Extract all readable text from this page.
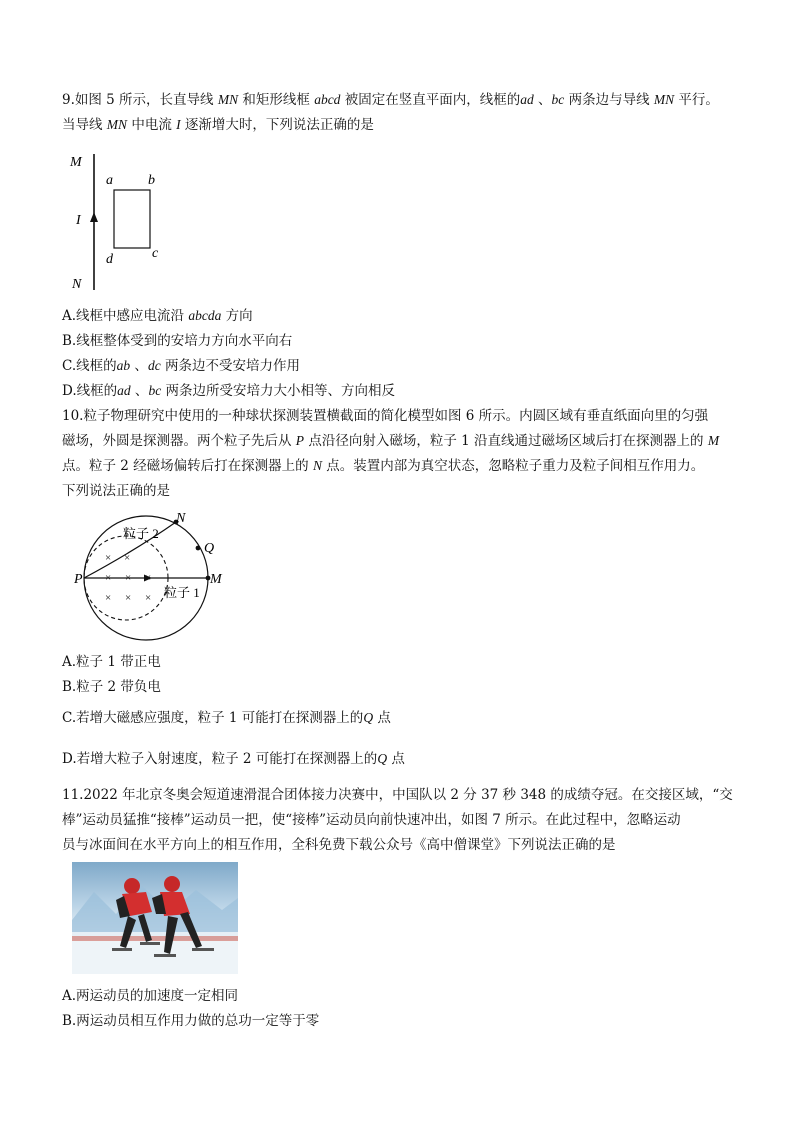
9.如图 5 所示，长直导线 MN 和矩形线框 abcd 被固定在竖直平面内，线框的ad 、bc 两条边与导线 MN 平行。
当导线 MN 中电流 I 逐渐增大时，下列说法正确的是
M
N
I
a	b
c
d
A.线框中感应电流沿 abcda 方向
B.线框整体受到的安培力方向水平向右
C.线框的ab 、dc 两条边不受安培力作用
D.线框的ad 、bc 两条边所受安培力大小相等、方向相反
10.粒子物理研究中使用的一种球状探测装置横截面的简化模型如图 6 所示。内圆区域有垂直纸面向里的匀强
磁场，外圆是探测器。两个粒子先后从 P 点沿径向射入磁场，粒子 1 沿直线通过磁场区域后打在探测器上的 M
点。粒子 2 经磁场偏转后打在探测器上的 N 点。装置内部为真空状态，忽略粒子重力及粒子间相互作用力。
下列说法正确的是
× ×
× × ×
× × ×
P	M
N
Q
粒子 2
粒子 1
A.粒子 1 带正电
B.粒子 2 带负电
C.若增大磁感应强度，粒子 1 可能打在探测器上的Q 点
D.若增大粒子入射速度，粒子 2 可能打在探测器上的Q 点
11.2022 年北京冬奥会短道速滑混合团体接力决赛中，中国队以 2 分 37 秒 348 的成绩夺冠。在交接区域，“交
棒”运动员猛推“接棒”运动员一把，使“接棒”运动员向前快速冲出，如图 7 所示。在此过程中，忽略运动
员与冰面间在水平方向上的相互作用，全科免费下载公众号《高中僧课堂》下列说法正确的是
A.两运动员的加速度一定相同
B.两运动员相互作用力做的总功一定等于零
